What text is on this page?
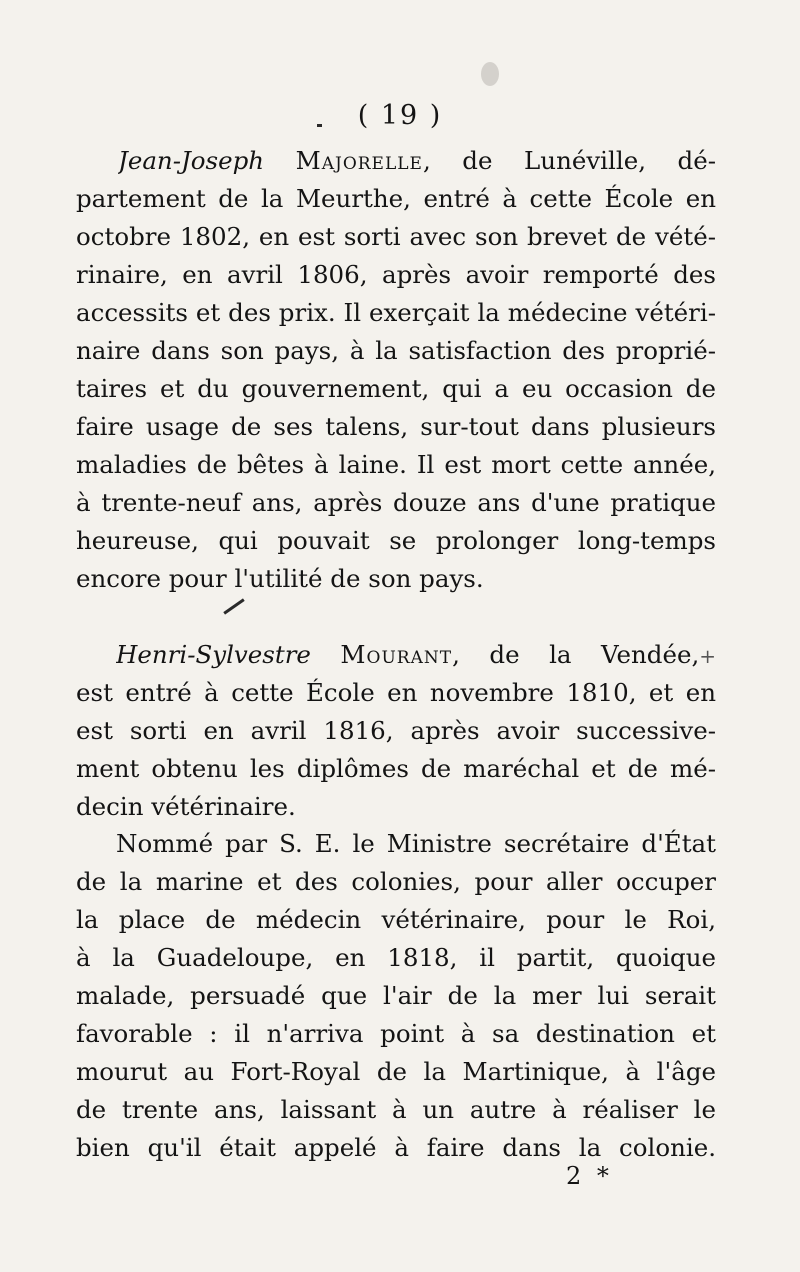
( 19 )
Jean-Joseph Majorelle, de Lunéville, dé-
partement de la Meurthe, entré à cette École en
octobre 1802, en est sorti avec son brevet de vété-
rinaire, en avril 1806, après avoir remporté des
accessits et des prix. Il exerçait la médecine vétéri-
naire dans son pays, à la satisfaction des proprié-
taires et du gouvernement, qui a eu occasion de
faire usage de ses talens, sur-tout dans plusieurs
maladies de bêtes à laine. Il est mort cette année,
à trente-neuf ans, après douze ans d'une pratique
heureuse, qui pouvait se prolonger long-temps
encore pour l'utilité de son pays.
Henri-Sylvestre Mourant, de la Vendée,+
est entré à cette École en novembre 1810, et en
est sorti en avril 1816, après avoir successive-
ment obtenu les diplômes de maréchal et de mé-
decin vétérinaire.
Nommé par S. E. le Ministre secrétaire d'État
de la marine et des colonies, pour aller occuper
la place de médecin vétérinaire, pour le Roi,
à la Guadeloupe, en 1818, il partit, quoique
malade, persuadé que l'air de la mer lui serait
favorable : il n'arriva point à sa destination et
mourut au Fort-Royal de la Martinique, à l'âge
de trente ans, laissant à un autre à réaliser le
bien qu'il était appelé à faire dans la colonie.
2 *
